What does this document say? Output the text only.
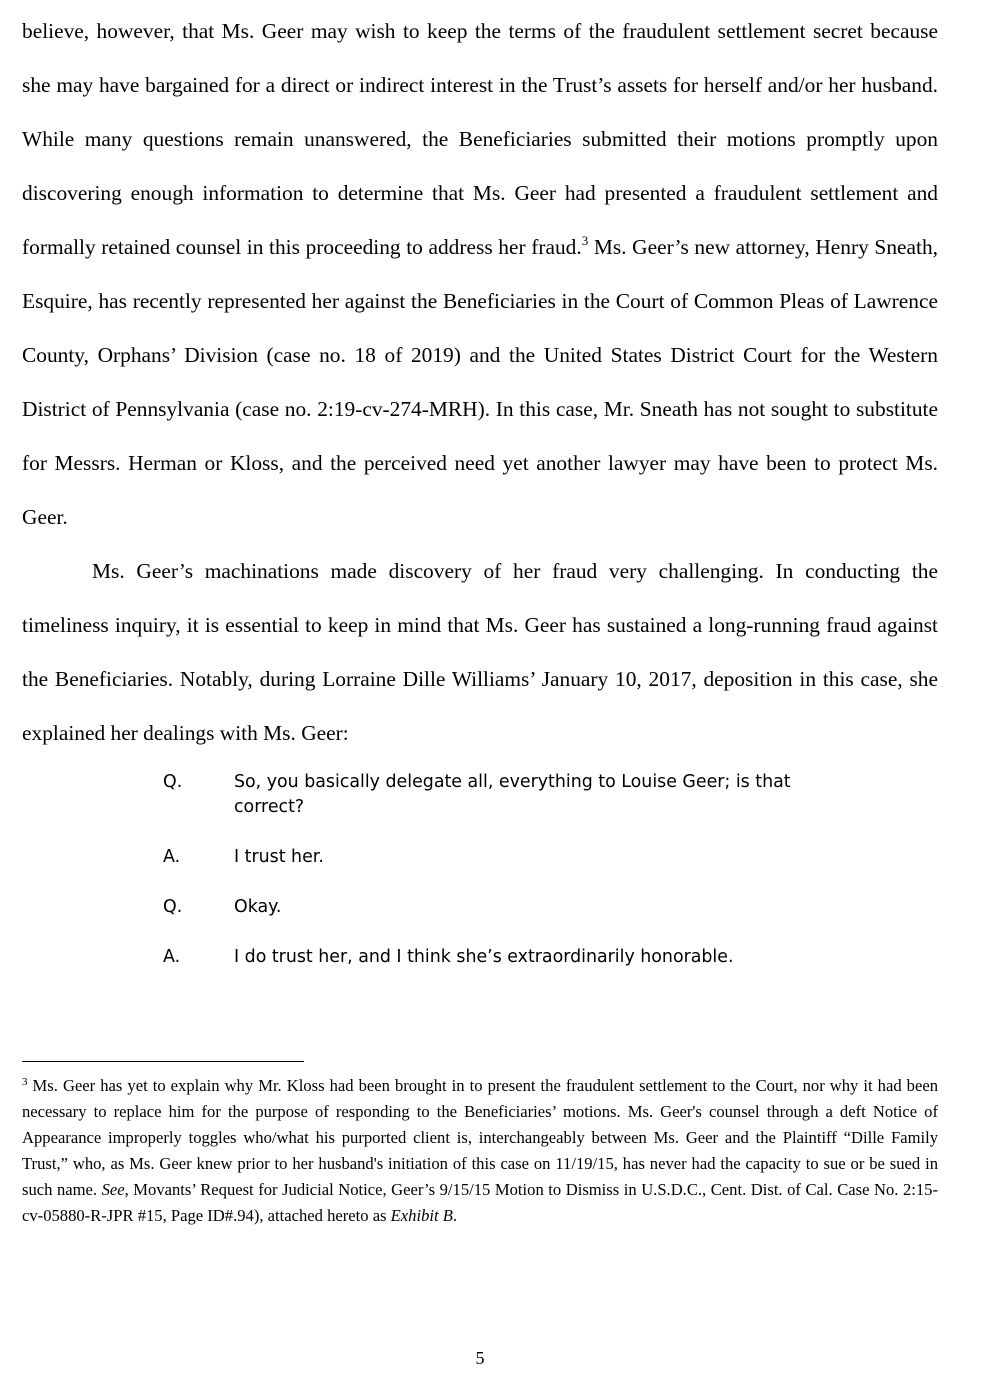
believe, however, that Ms. Geer may wish to keep the terms of the fraudulent settlement secret because she may have bargained for a direct or indirect interest in the Trust’s assets for herself and/or her husband. While many questions remain unanswered, the Beneficiaries submitted their motions promptly upon discovering enough information to determine that Ms. Geer had presented a fraudulent settlement and formally retained counsel in this proceeding to address her fraud.$^3$ Ms. Geer’s new attorney, Henry Sneath, Esquire, has recently represented her against the Beneficiaries in the Court of Common Pleas of Lawrence County, Orphans’ Division (case no. 18 of 2019) and the United States District Court for the Western District of Pennsylvania (case no. 2:19-cv-274-MRH). In this case, Mr. Sneath has not sought to substitute for Messrs. Herman or Kloss, and the perceived need yet another lawyer may have been to protect Ms. Geer.

Ms. Geer’s machinations made discovery of her fraud very challenging. In conducting the timeliness inquiry, it is essential to keep in mind that Ms. Geer has sustained a long-running fraud against the Beneficiaries. Notably, during Lorraine Dille Williams’ January 10, 2017, deposition in this case, she explained her dealings with Ms. Geer:

Q.	So, you basically delegate all, everything to Louise Geer; is that correct?
A.	I trust her.
Q.	Okay.
A.	I do trust her, and I think she’s extraordinarily honorable.
$^3$ Ms. Geer has yet to explain why Mr. Kloss had been brought in to present the fraudulent settlement to the Court, nor why it had been necessary to replace him for the purpose of responding to the Beneficiaries’ motions. Ms. Geer's counsel through a deft Notice of Appearance improperly toggles who/what his purported client is, interchangeably between Ms. Geer and the Plaintiff “Dille Family Trust,” who, as Ms. Geer knew prior to her husband's initiation of this case on 11/19/15, has never had the capacity to sue or be sued in such name. See, Movants’ Request for Judicial Notice, Geer’s 9/15/15 Motion to Dismiss in U.S.D.C., Cent. Dist. of Cal. Case No. 2:15-cv-05880-R-JPR #15, Page ID#.94), attached hereto as Exhibit B.
5
